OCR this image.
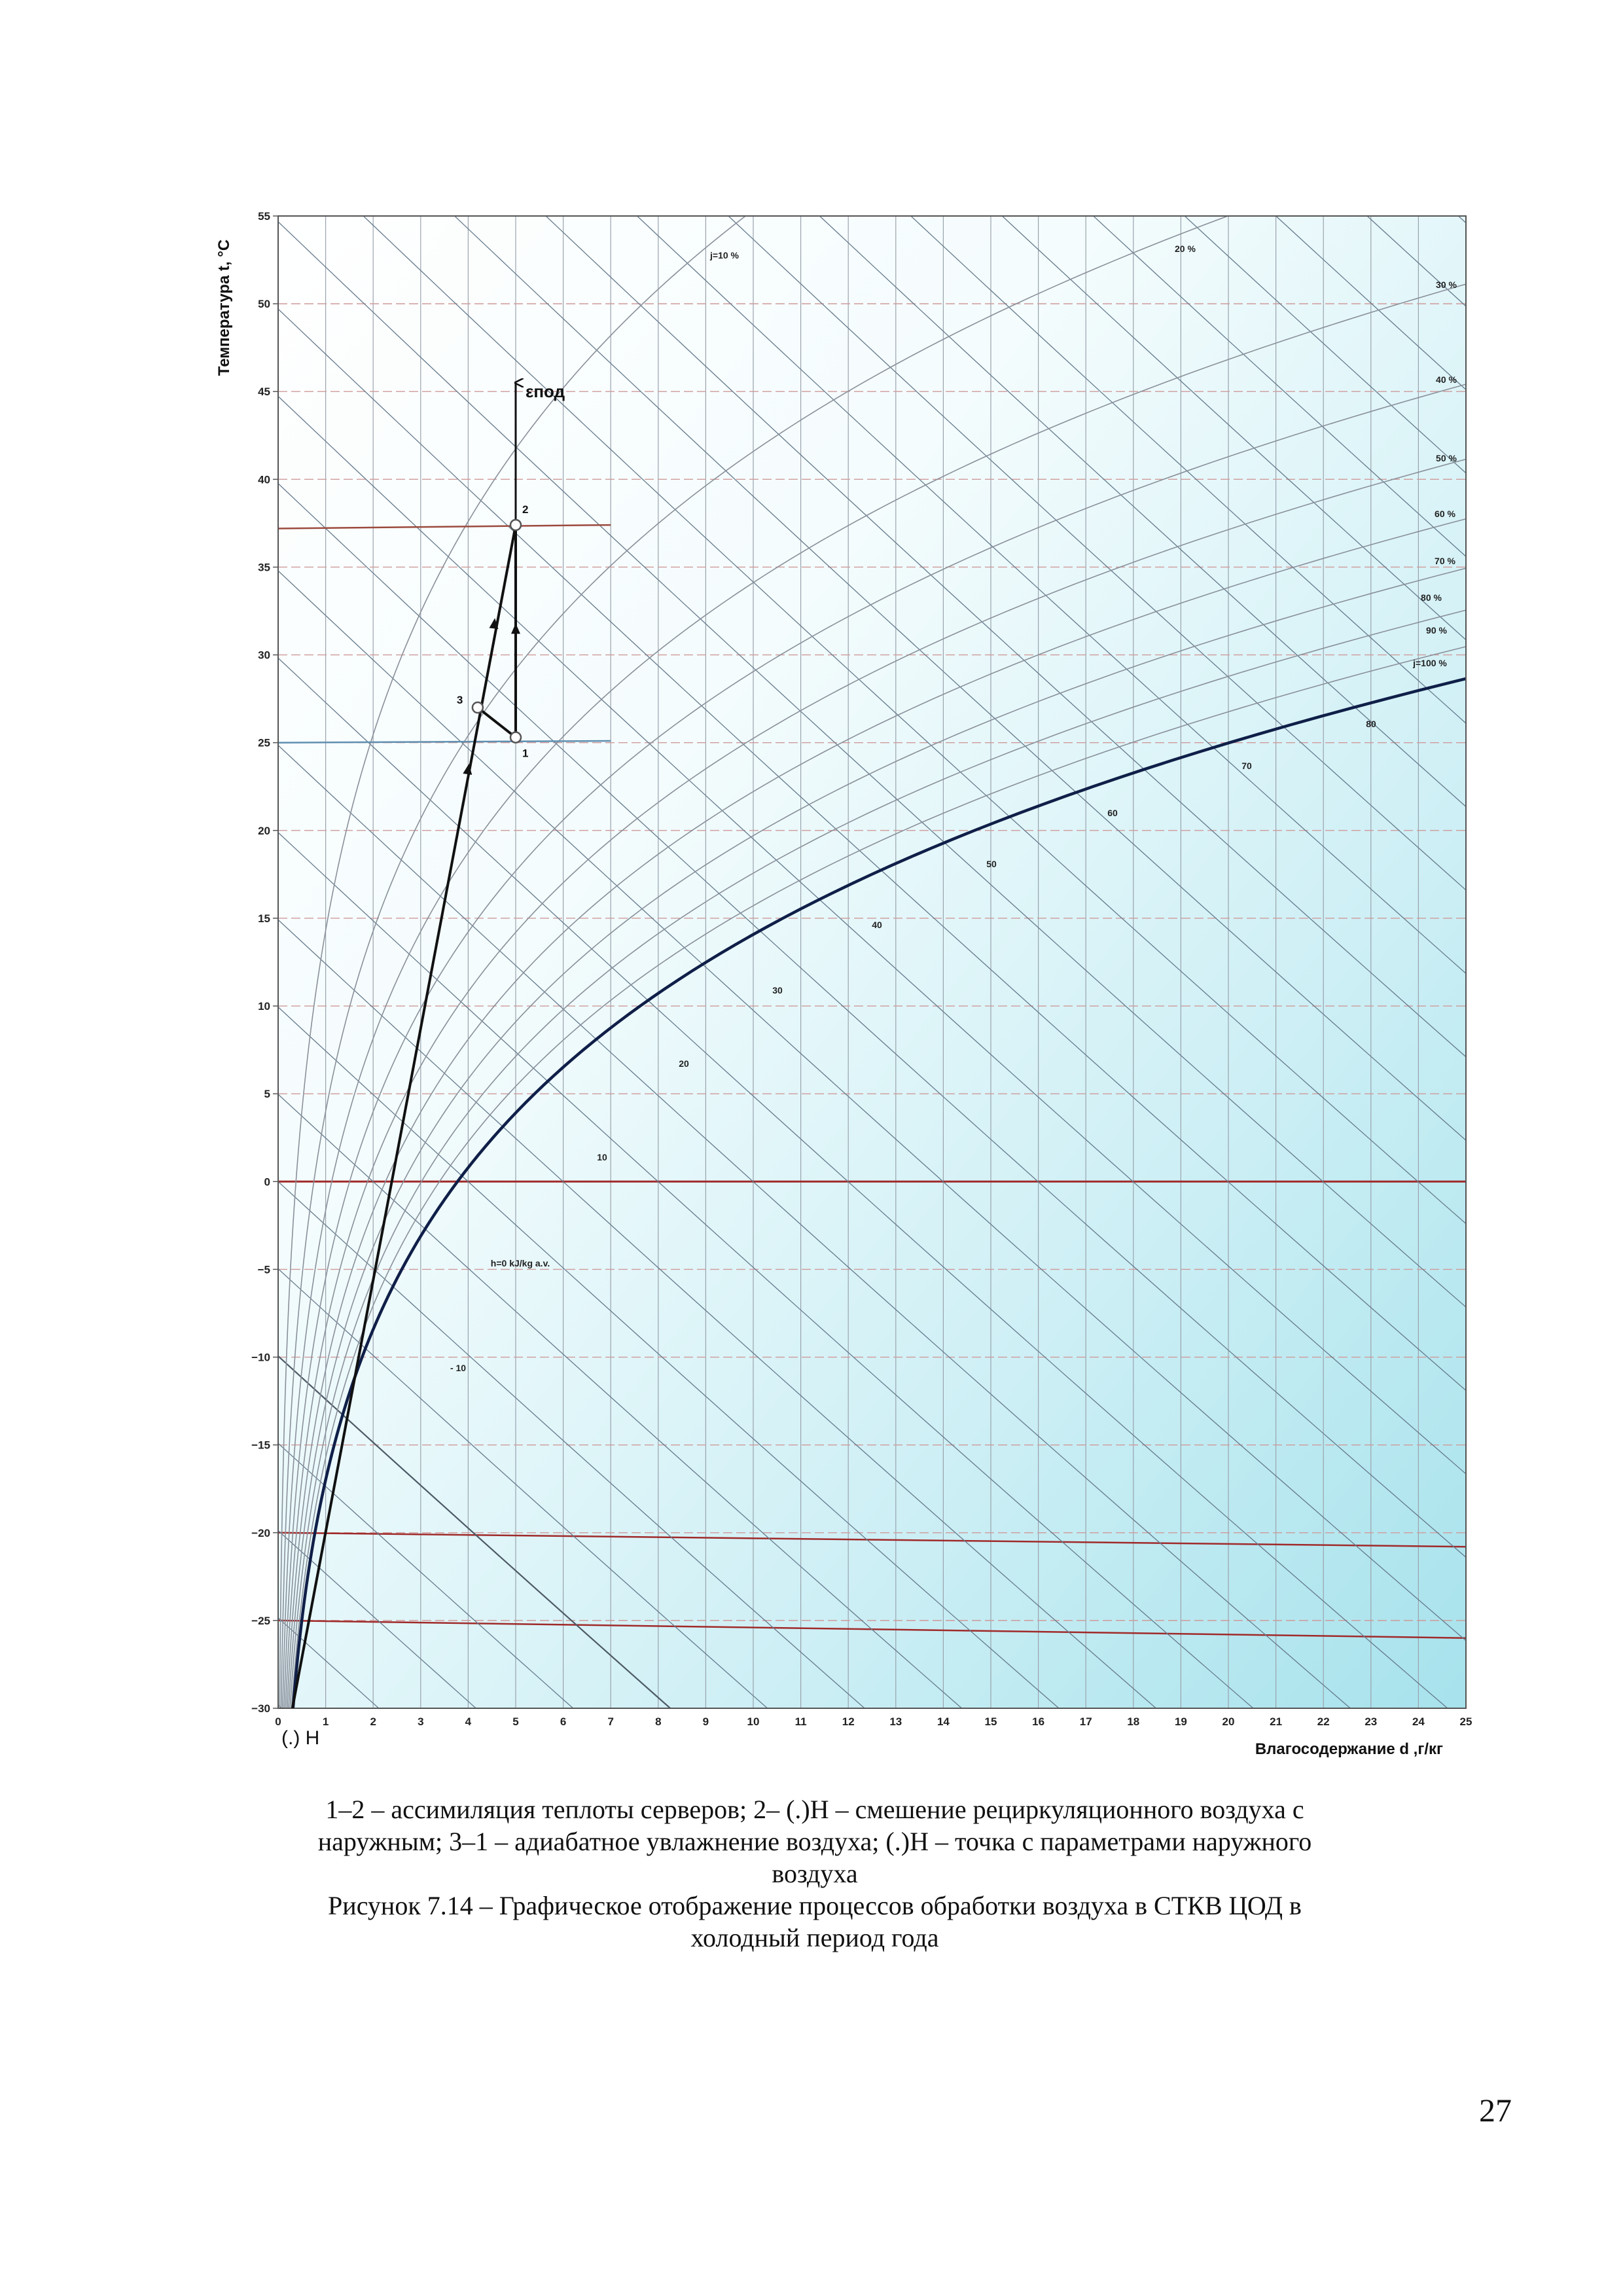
−30
−25
−20
−15
−10
−5
0
5
10
15
20
25
30
35
40
45
50
55
0	1	2	3	4	5	6	7	8	9	10	11	12	13	14	15	16	17	18	19	20	21	22	23	24	25
j=10 %
20 %
30 %
40 %
50 %
60 %
70 %
80 %
90 %
j=100 %
- 10
h=0 kJ/kg a.v.
10
20
30
40
50
60
70
80
εпод
1
2
3
(.) Н
Температура t, °С
Влагосодержание d ,г/кг
1–2 – ассимиляция теплоты серверов; 2– (.)Н – смешение рециркуляционного воздуха с
наружным; 3–1 – адиабатное увлажнение воздуха; (.)Н – точка с параметрами наружного
воздуха
Рисунок 7.14 – Графическое отображение процессов обработки воздуха в СТКВ ЦОД в
холодный период года
27
